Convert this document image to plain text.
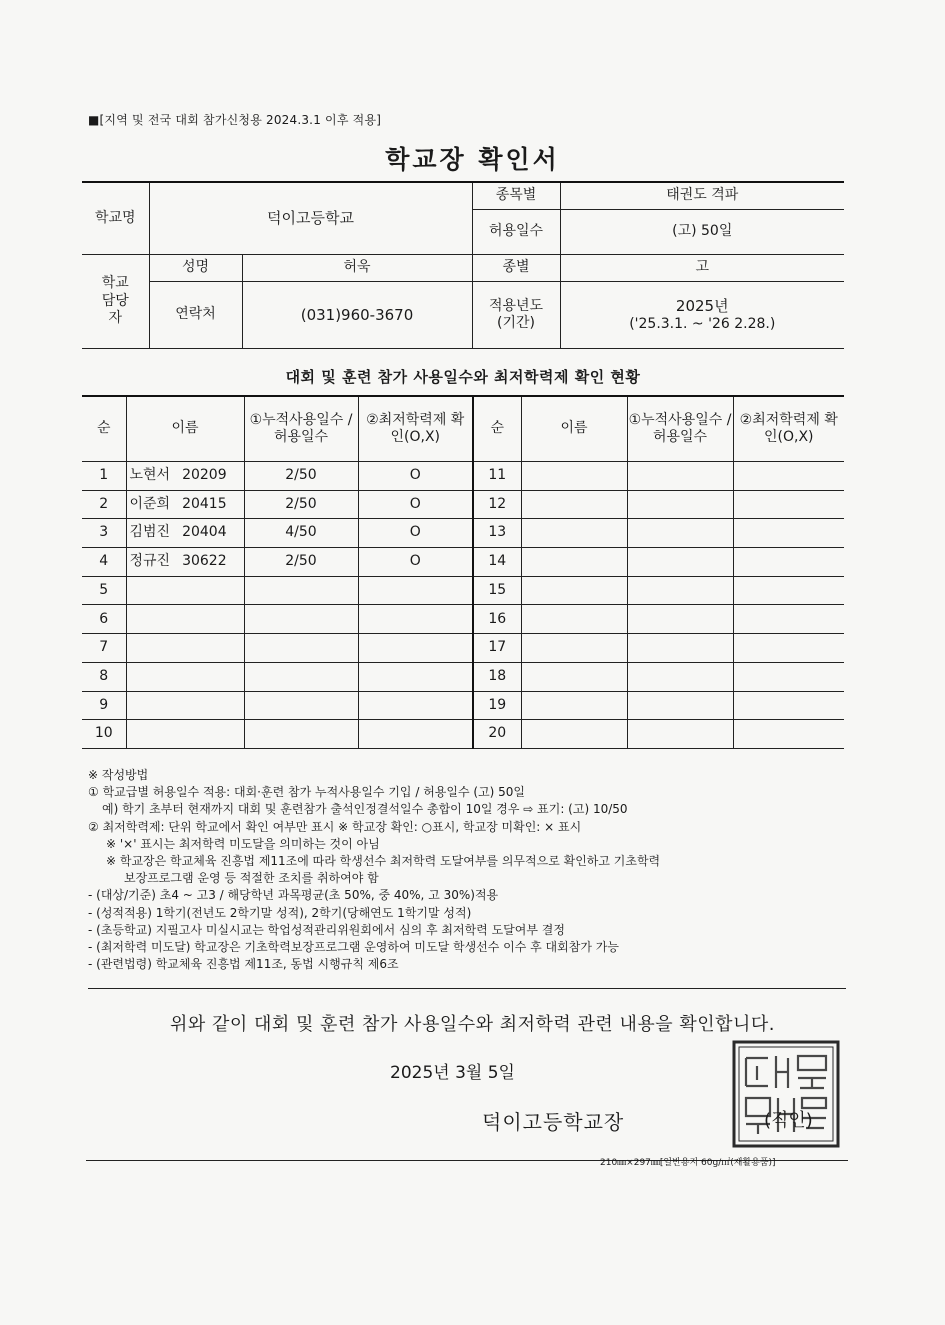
■[지역 및 전국 대회 참가신청용 2024.3.1 이후 적용]
학교장 확인서
학교명	덕이고등학교		종목별	태권도 격파
			허용일수	(고) 50일
학교 담당자	성명	허욱	종별	고
	연락처	(031)960-3670	적용년도 (기간)	2025년
('25.3.1. ~ '26 2.28.)
대회 및 훈련 참가 사용일수와 최저학력제 확인 현황
순	이름	①누적사용일수 /허용일수	②최저학력제 확인(O,X)	순	이름	①누적사용일수 /허용일수	②최저학력제 확인(O,X)
1	노현서 20209	2/50	O	11			
2	이준희 20415	2/50	O	12			
3	김범진 20404	4/50	O	13			
4	정규진 30622	2/50	O	14			
5				15			
6				16			
7				17			
8				18			
9				19			
10				20			
※ 작성방법
① 학교급별 허용일수 적용: 대회·훈련 참가 누적사용일수 기입 / 허용일수 (고) 50일
예) 학기 초부터 현재까지 대회 및 훈련참가 출석인정결석일수 총합이 10일 경우 ⇨ 표기: (고) 10/50
② 최저학력제: 단위 학교에서 확인 여부만 표시 ※ 학교장 확인: ○표시, 학교장 미확인: × 표시
※ '×' 표시는 최저학력 미도달을 의미하는 것이 아님
※ 학교장은 학교체육 진흥법 제11조에 따라 학생선수 최저학력 도달여부를 의무적으로 확인하고 기초학력
보장프로그램 운영 등 적절한 조치를 취하여야 함
- (대상/기준) 초4 ~ 고3 / 해당학년 과목평균(초 50%, 중 40%, 고 30%)적용
- (성적적용) 1학기(전년도 2학기말 성적), 2학기(당해연도 1학기말 성적)
- (초등학교) 지필고사 미실시교는 학업성적관리위원회에서 심의 후 최저학력 도달여부 결정
- (최저학력 미도달) 학교장은 기초학력보장프로그램 운영하여 미도달 학생선수 이수 후 대회참가 가능
- (관련법령) 학교체육 진흥법 제11조, 동법 시행규칙 제6조
위와 같이 대회 및 훈련 참가 사용일수와 최저학력 관련 내용을 확인합니다.
2025년 3월 5일
덕이고등학교장	(직인)
210㎜×297㎜[일반용지 60g/㎡(재활용품)]
